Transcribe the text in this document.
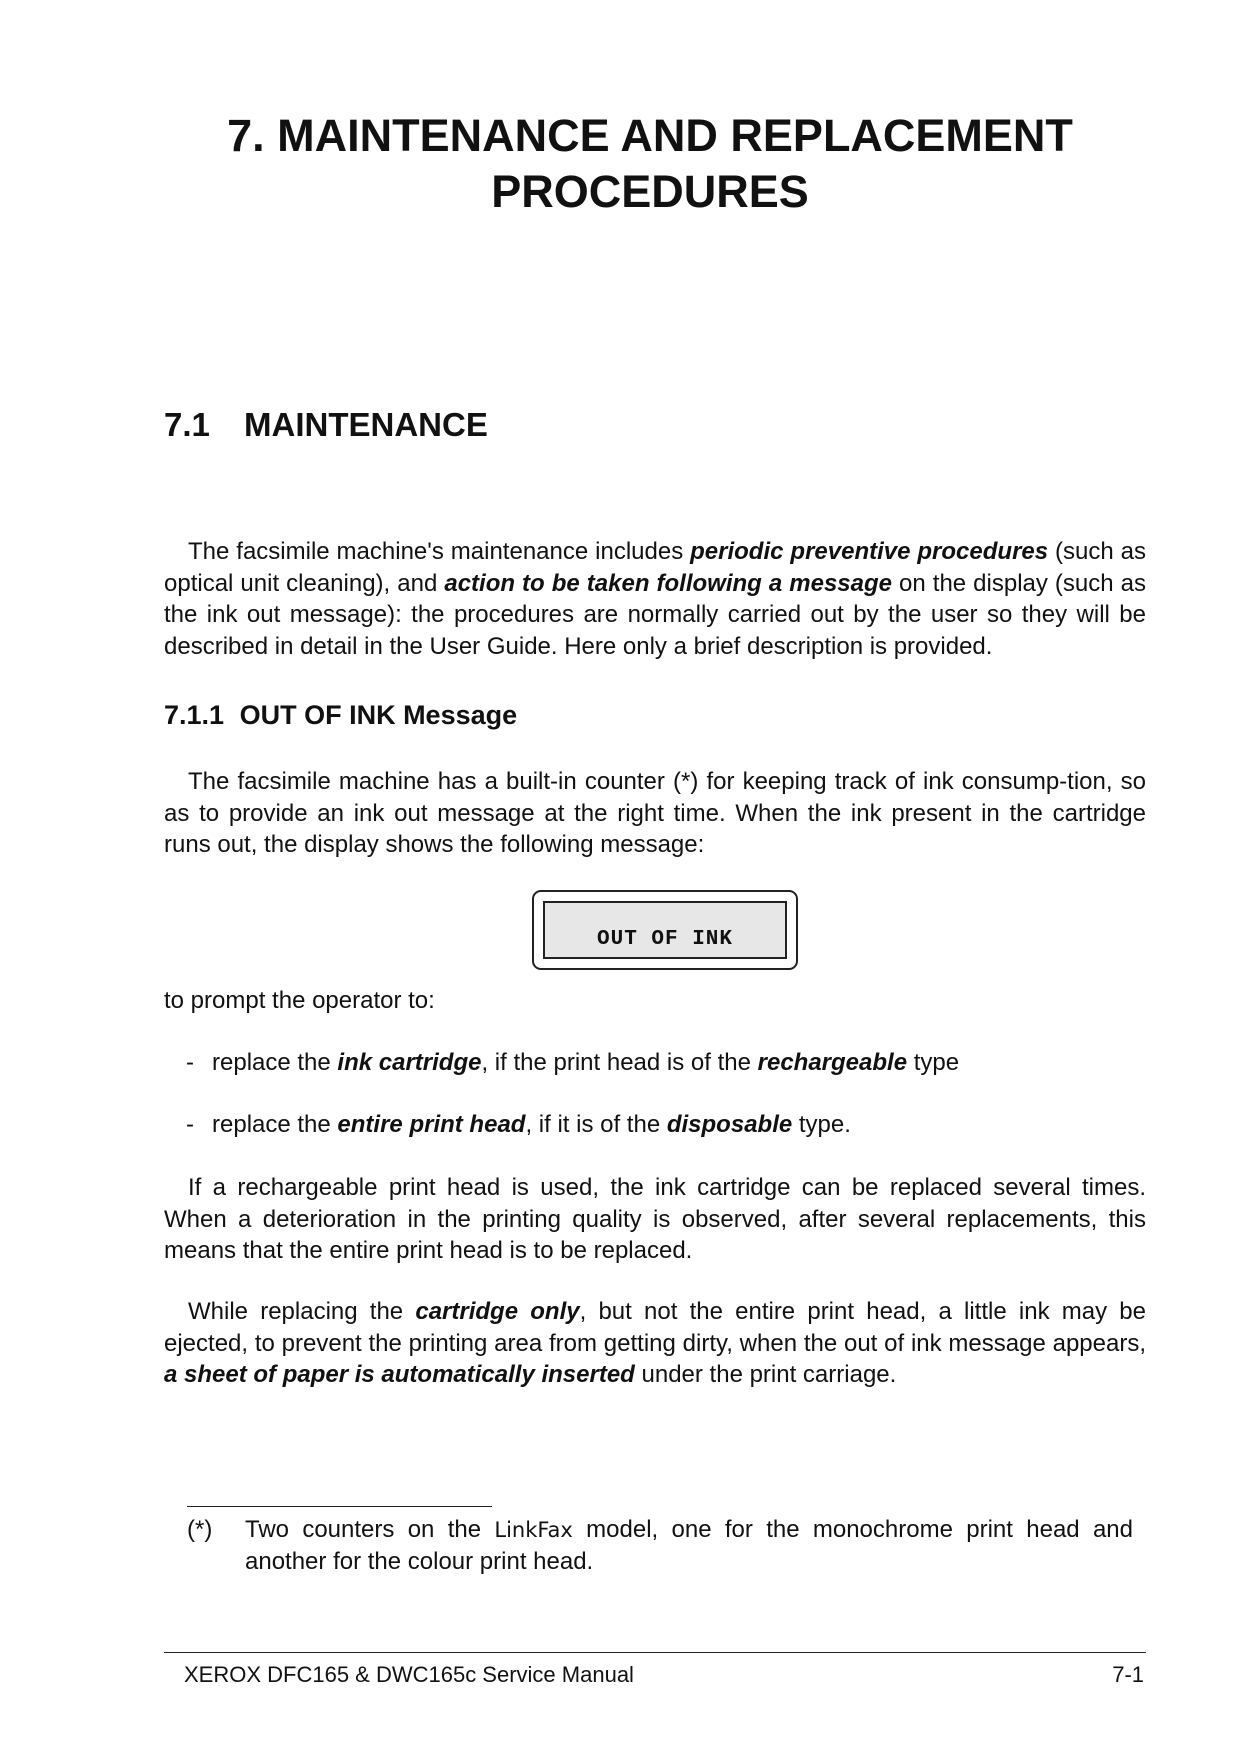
7. MAINTENANCE AND REPLACEMENT
PROCEDURES
7.1 MAINTENANCE

The facsimile machine's maintenance includes periodic preventive procedures (such as optical unit cleaning), and action to be taken following a message on the display (such as the ink out message): the procedures are normally carried out by the user so they will be described in detail in the User Guide. Here only a brief description is provided.

7.1.1 OUT OF INK Message

The facsimile machine has a built-in counter (*) for keeping track of ink consump-tion, so as to provide an ink out message at the right time. When the ink present in the cartridge runs out, the display shows the following message:

OUT OF INK

to prompt the operator to:

- replace the ink cartridge, if the print head is of the rechargeable type

- replace the entire print head, if it is of the disposable type.

If a rechargeable print head is used, the ink cartridge can be replaced several times. When a deterioration in the printing quality is observed, after several replacements, this means that the entire print head is to be replaced.

While replacing the cartridge only, but not the entire print head, a little ink may be ejected, to prevent the printing area from getting dirty, when the out of ink message appears, a sheet of paper is automatically inserted under the print carriage.

(*) Two counters on the LinkFax model, one for the monochrome print head and another for the colour print head.

XEROX DFC165 & DWC165c Service Manual	7-1
